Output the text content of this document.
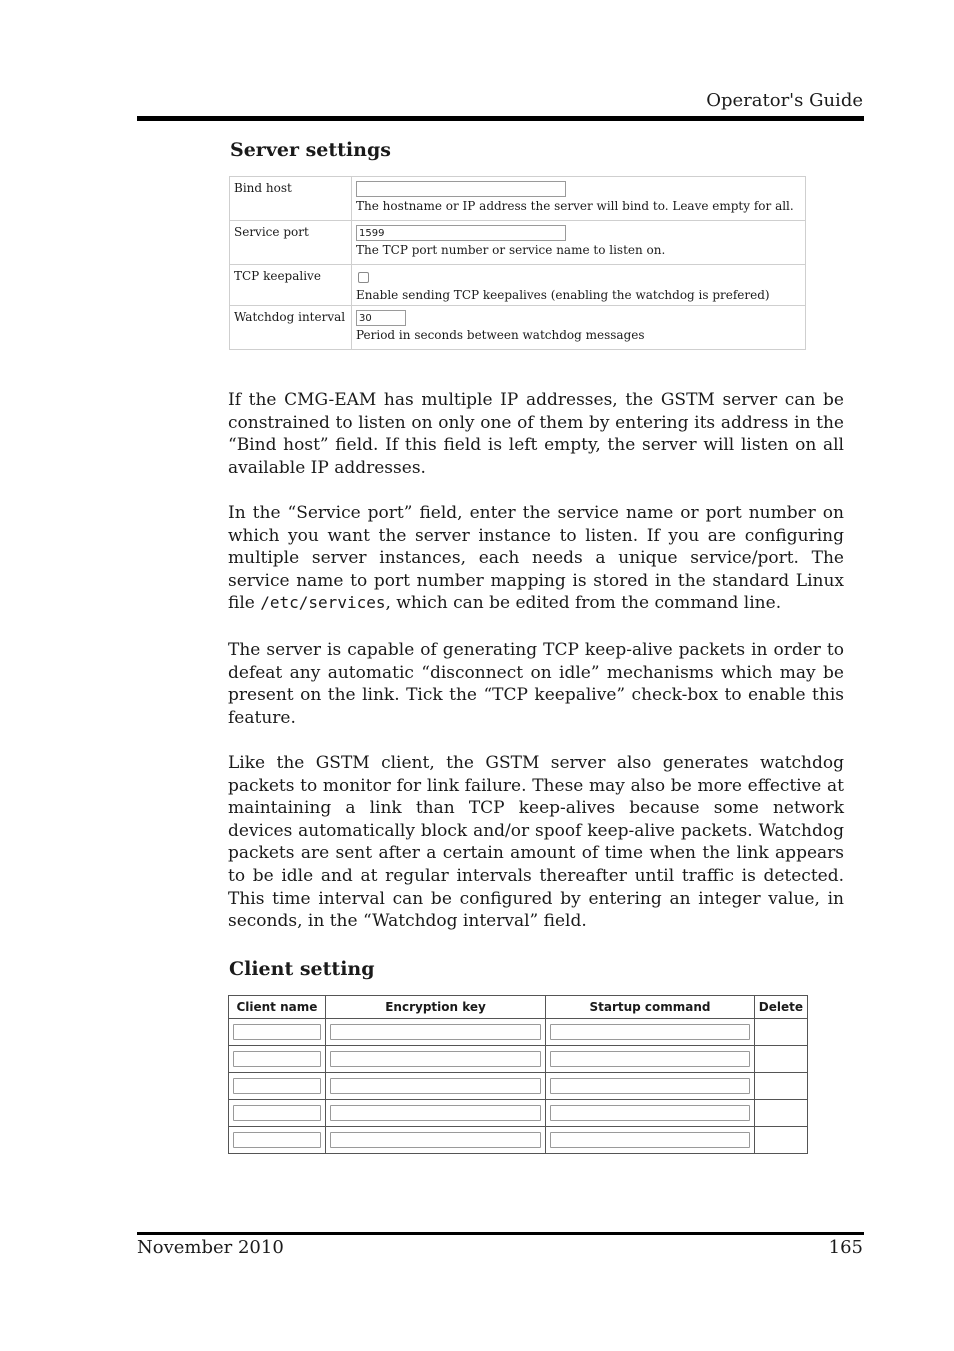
Operator's Guide
Server settings
Bind host	The hostname or IP address the server will bind to. Leave empty for all.
Service port	1599
The TCP port number or service name to listen on.
TCP keepalive	Enable sending TCP keepalives (enabling the watchdog is prefered)
Watchdog interval	30
Period in seconds between watchdog messages

If the CMG-EAM has multiple IP addresses, the GSTM server can be constrained to listen on only one of them by entering its address in the “Bind host” field. If this field is left empty, the server will listen on all available IP addresses.

In the “Service port” field, enter the service name or port number on which you want the server instance to listen. If you are configuring multiple server instances, each needs a unique service/port. The service name to port number mapping is stored in the standard Linux file /etc/services, which can be edited from the command line.

The server is capable of generating TCP keep-alive packets in order to defeat any automatic “disconnect on idle” mechanisms which may be present on the link. Tick the “TCP keepalive” check-box to enable this feature.

Like the GSTM client, the GSTM server also generates watchdog packets to monitor for link failure. These may also be more effective at maintaining a link than TCP keep-alives because some network devices automatically block and/or spoof keep-alive packets. Watchdog packets are sent after a certain amount of time when the link appears to be idle and at regular intervals thereafter until traffic is detected. This time interval can be configured by entering an integer value, in seconds, in the “Watchdog interval” field.

Client setting
Client name	Encryption key	Startup command	Delete

November 2010	165
